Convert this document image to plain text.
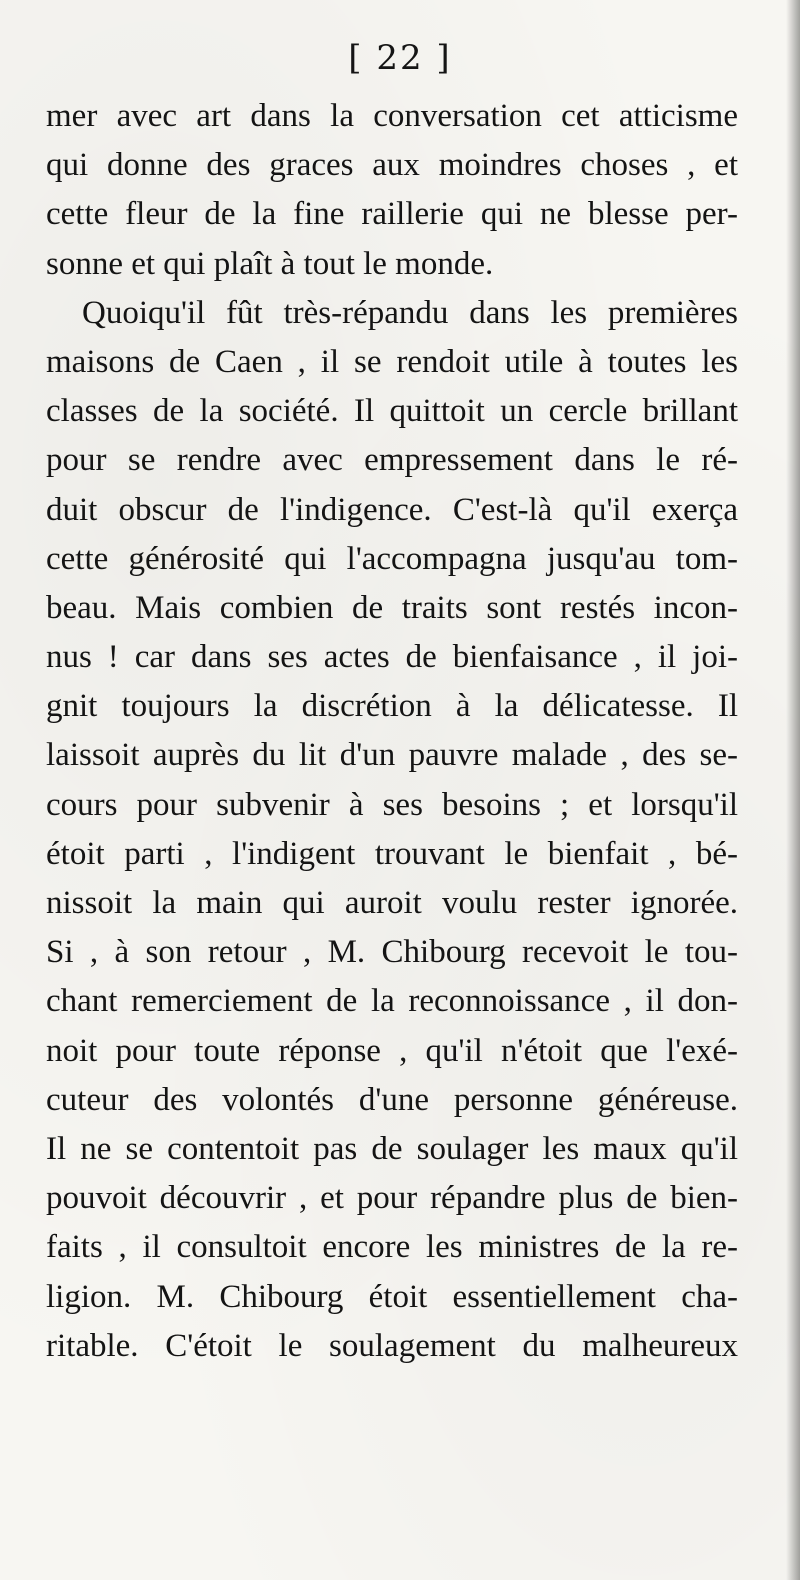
[ 22 ]
mer avec art dans la conversation cet atticisme
qui donne des graces aux moindres choses , et
cette fleur de la fine raillerie qui ne blesse per-
sonne et qui plaît à tout le monde.
Quoiqu'il fût très-répandu dans les premières
maisons de Caen , il se rendoit utile à toutes les
classes de la société. Il quittoit un cercle brillant
pour se rendre avec empressement dans le ré-
duit obscur de l'indigence. C'est-là qu'il exerça
cette générosité qui l'accompagna jusqu'au tom-
beau. Mais combien de traits sont restés incon-
nus ! car dans ses actes de bienfaisance , il joi-
gnit toujours la discrétion à la délicatesse. Il
laissoit auprès du lit d'un pauvre malade , des se-
cours pour subvenir à ses besoins ; et lorsqu'il
étoit parti , l'indigent trouvant le bienfait , bé-
nissoit la main qui auroit voulu rester ignorée.
Si , à son retour , M. Chibourg recevoit le tou-
chant remerciement de la reconnoissance , il don-
noit pour toute réponse , qu'il n'étoit que l'exé-
cuteur des volontés d'une personne généreuse.
Il ne se contentoit pas de soulager les maux qu'il
pouvoit découvrir , et pour répandre plus de bien-
faits , il consultoit encore les ministres de la re-
ligion. M. Chibourg étoit essentiellement cha-
ritable. C'étoit le soulagement du malheureux
